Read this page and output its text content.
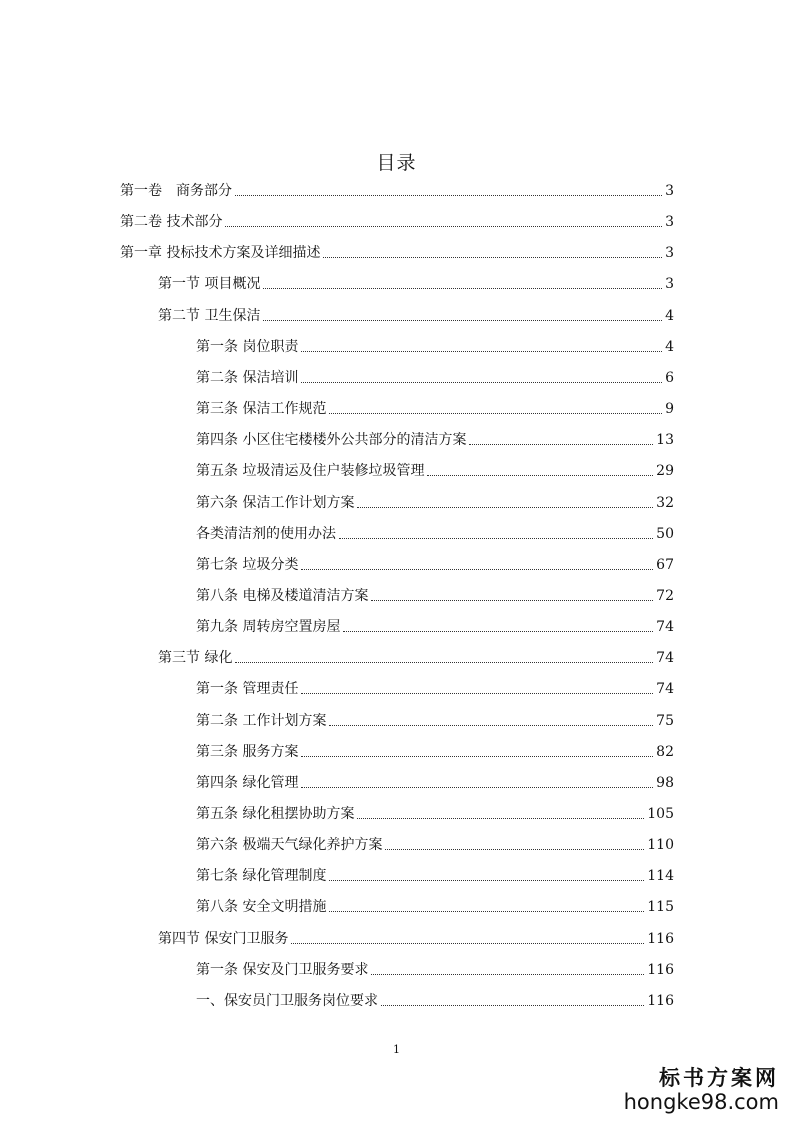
目录
第一卷　商务部分	3
第二卷 技术部分	3
第一章 投标技术方案及详细描述	3
第一节 项目概况	3
第二节 卫生保洁	4
第一条 岗位职责	4
第二条 保洁培训	6
第三条 保洁工作规范	9
第四条 小区住宅楼楼外公共部分的清洁方案	13
第五条 垃圾清运及住户装修垃圾管理	29
第六条 保洁工作计划方案	32
各类清洁剂的使用办法	50
第七条 垃圾分类	67
第八条 电梯及楼道清洁方案	72
第九条 周转房空置房屋	74
第三节 绿化	74
第一条 管理责任	74
第二条 工作计划方案	75
第三条 服务方案	82
第四条 绿化管理	98
第五条 绿化租摆协助方案	105
第六条 极端天气绿化养护方案	110
第七条 绿化管理制度	114
第八条 安全文明措施	115
第四节 保安门卫服务	116
第一条 保安及门卫服务要求	116
一、保安员门卫服务岗位要求	116
1
标书方案网
hongke98.com
